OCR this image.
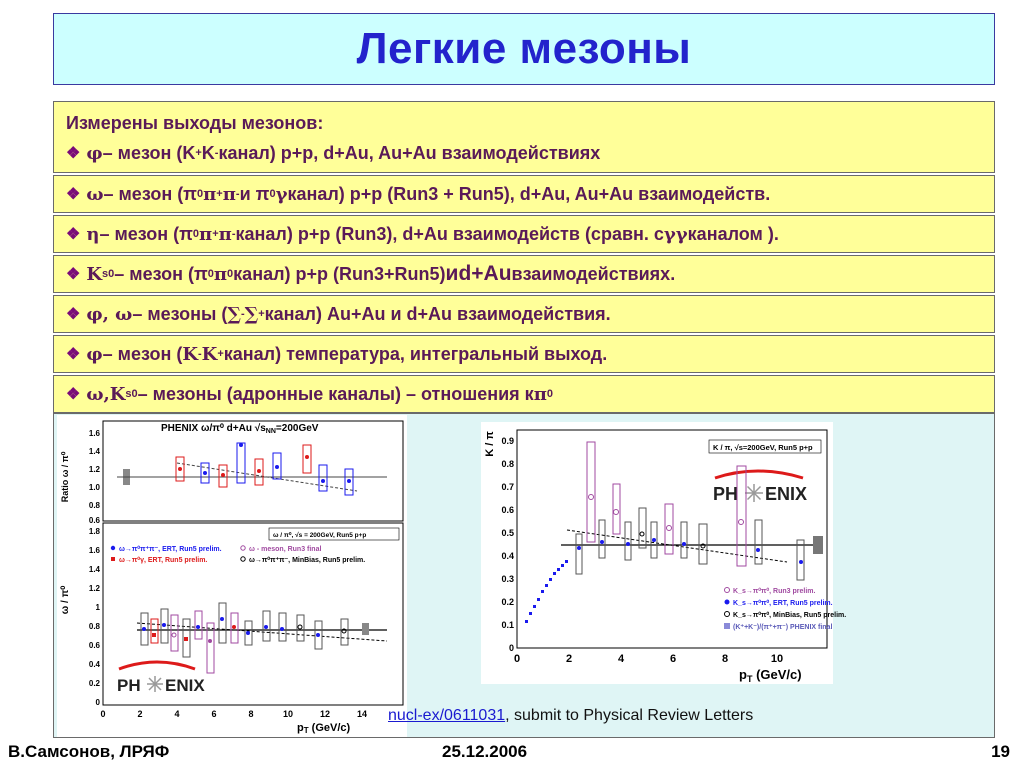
Легкие мезоны
Измерены выходы мезонов:
❖ φ – мезон (K + K - канал) p+p, d+Au, Au+Au взаимодействиях
❖ ω – мезон (π 0 π + π - и π 0 γ канал) p+p (Run3 + Run5), d+Au, Au+Au взаимодейств.
❖ η – мезон (π 0 π + π - канал) p+p (Run3), d+Au взаимодейств (сравн. с γγ каналом ).
❖ K s 0 – мезон (π 0 π 0 канал) p+p (Run3+Run5) и d+Au взаимодействиях.
❖ φ, ω – мезоны ( ∑ - ∑ + канал) Au+Au и d+Au взаимодействия.
❖ φ – мезон ( K - K + канал) температура, интегральный выход.
❖ ω, K s 0 – мезоны (адронные каналы) – отношения к π 0
PHENIX ω/π⁰ d+Au $√s_{NN}=200GeV$
Ratio ω / π⁰
1.6
1.4
1.2
1.0
0.8
0.6
ω / π⁰
1.8
1.6
1.4
1.2
1
0.8
0.6
0.4
0.2
0
0	2	4	6	8	10	12	14
pT (GeV/c)
ω / π⁰, √s = 200GeV, Run5 p+p
ω→π⁰π⁺π⁻, ERT, Run5 prelim.	ω - meson, Run3 final
ω→π⁰γ, ERT, Run5 prelim.	ω→π⁰π⁺π⁻, MinBias, Run5 prelim.
PH ENIX
K / π 0.9
0.8
0.7
0.6
0.5
0.4
0.3
0.2
0.1
0
0	2	4	6	8	10
$p_T$ (GeV/c)
K / π, √s=200GeV, Run5 p+p
PH ENIX
K_s→π⁰π⁰, Run3 prelim.
K_s→π⁰π⁰, ERT, Run5 prelim.
K_s→π⁰π⁰, MinBias, Run5 prelim.
(K⁺+K⁻)/(π⁺+π⁻) PHENIX final
nucl-ex/0611031, submit to Physical Review Letters
В.Самсонов, ЛРЯФ	25.12.2006	19
